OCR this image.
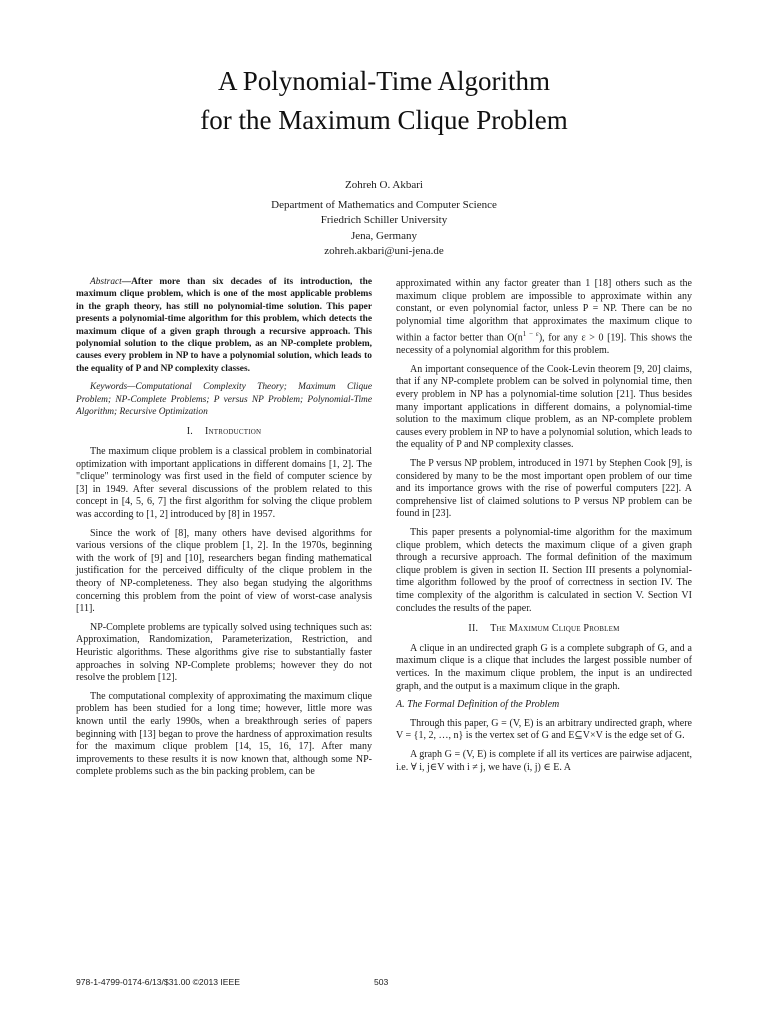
A Polynomial-Time Algorithm
for the Maximum Clique Problem
Zohreh O. Akbari
Department of Mathematics and Computer Science
Friedrich Schiller University
Jena, Germany
zohreh.akbari@uni-jena.de

Abstract—After more than six decades of its introduction, the maximum clique problem, which is one of the most applicable problems in the graph theory, has still no polynomial-time solution. This paper presents a polynomial-time algorithm for this problem, which detects the maximum clique of a given graph through a recursive approach. This polynomial solution to the clique problem, as an NP-complete problem, causes every problem in NP to have a polynomial solution, which leads to the equality of P and NP complexity classes.

Keywords—Computational Complexity Theory; Maximum Clique Problem; NP-Complete Problems; P versus NP Problem; Polynomial-Time Algorithm; Recursive Optimization

I. Introduction

The maximum clique problem is a classical problem in combinatorial optimization with important applications in different domains [1, 2]. The "clique" terminology was first used in the field of computer science by [3] in 1949. After several discussions of the problem related to this concept in [4, 5, 6, 7] the first algorithm for solving the clique problem was according to [1, 2] introduced by [8] in 1957.

Since the work of [8], many others have devised algorithms for various versions of the clique problem [1, 2]. In the 1970s, beginning with the work of [9] and [10], researchers began finding mathematical justification for the perceived difficulty of the clique problem in the theory of NP-completeness. They also began studying the algorithms concerning this problem from the point of view of worst-case analysis [11].

NP-Complete problems are typically solved using techniques such as: Approximation, Randomization, Parameterization, Restriction, and Heuristic algorithms. These algorithms give rise to substantially faster approaches in solving NP-Complete problems; however they do not resolve the problem [12].

The computational complexity of approximating the maximum clique problem has been studied for a long time; however, little more was known until the early 1990s, when a breakthrough series of papers beginning with [13] began to prove the hardness of approximation results for the maximum clique problem [14, 15, 16, 17]. After many improvements to these results it is now known that, although some NP-complete problems such as the bin packing problem, can be

approximated within any factor greater than 1 [18] others such as the maximum clique problem are impossible to approximate within any constant, or even polynomial factor, unless P = NP. There can be no polynomial time algorithm that approximates the maximum clique to within a factor better than $O(n^{1 - \varepsilon})$, for any ε > 0 [19]. This shows the necessity of a polynomial algorithm for this problem.

An important consequence of the Cook-Levin theorem [9, 20] claims, that if any NP-complete problem can be solved in polynomial time, then every problem in NP has a polynomial-time solution [21]. Thus besides many important applications in different domains, a polynomial-time solution to the maximum clique problem, as an NP-complete problem causes every problem in NP to have a polynomial solution, which leads to the equality of P and NP complexity classes.

The P versus NP problem, introduced in 1971 by Stephen Cook [9], is considered by many to be the most important open problem of our time and its importance grows with the rise of powerful computers [22]. A comprehensive list of claimed solutions to P versus NP problem can be found in [23].

This paper presents a polynomial-time algorithm for the maximum clique problem, which detects the maximum clique of a given graph through a recursive approach. The formal definition of the maximum clique problem is given in section II. Section III presents a polynomial-time algorithm followed by the proof of correctness in section IV. The time complexity of the algorithm is calculated in section V. Section VI concludes the results of the paper.

II. The Maximum Clique Problem

A clique in an undirected graph G is a complete subgraph of G, and a maximum clique is a clique that includes the largest possible number of vertices. In the maximum clique problem, the input is an undirected graph, and the output is a maximum clique in the graph.

A. The Formal Definition of the Problem

Through this paper, G = (V, E) is an arbitrary undirected graph, where V = {1, 2, …, n} is the vertex set of G and E⊆V×V is the edge set of G.

A graph G = (V, E) is complete if all its vertices are pairwise adjacent, i.e. ∀ i, j∈V with i ≠ j, we have (i, j) ∈ E. A

978-1-4799-0174-6/13/$31.00 ©2013 IEEE	503
